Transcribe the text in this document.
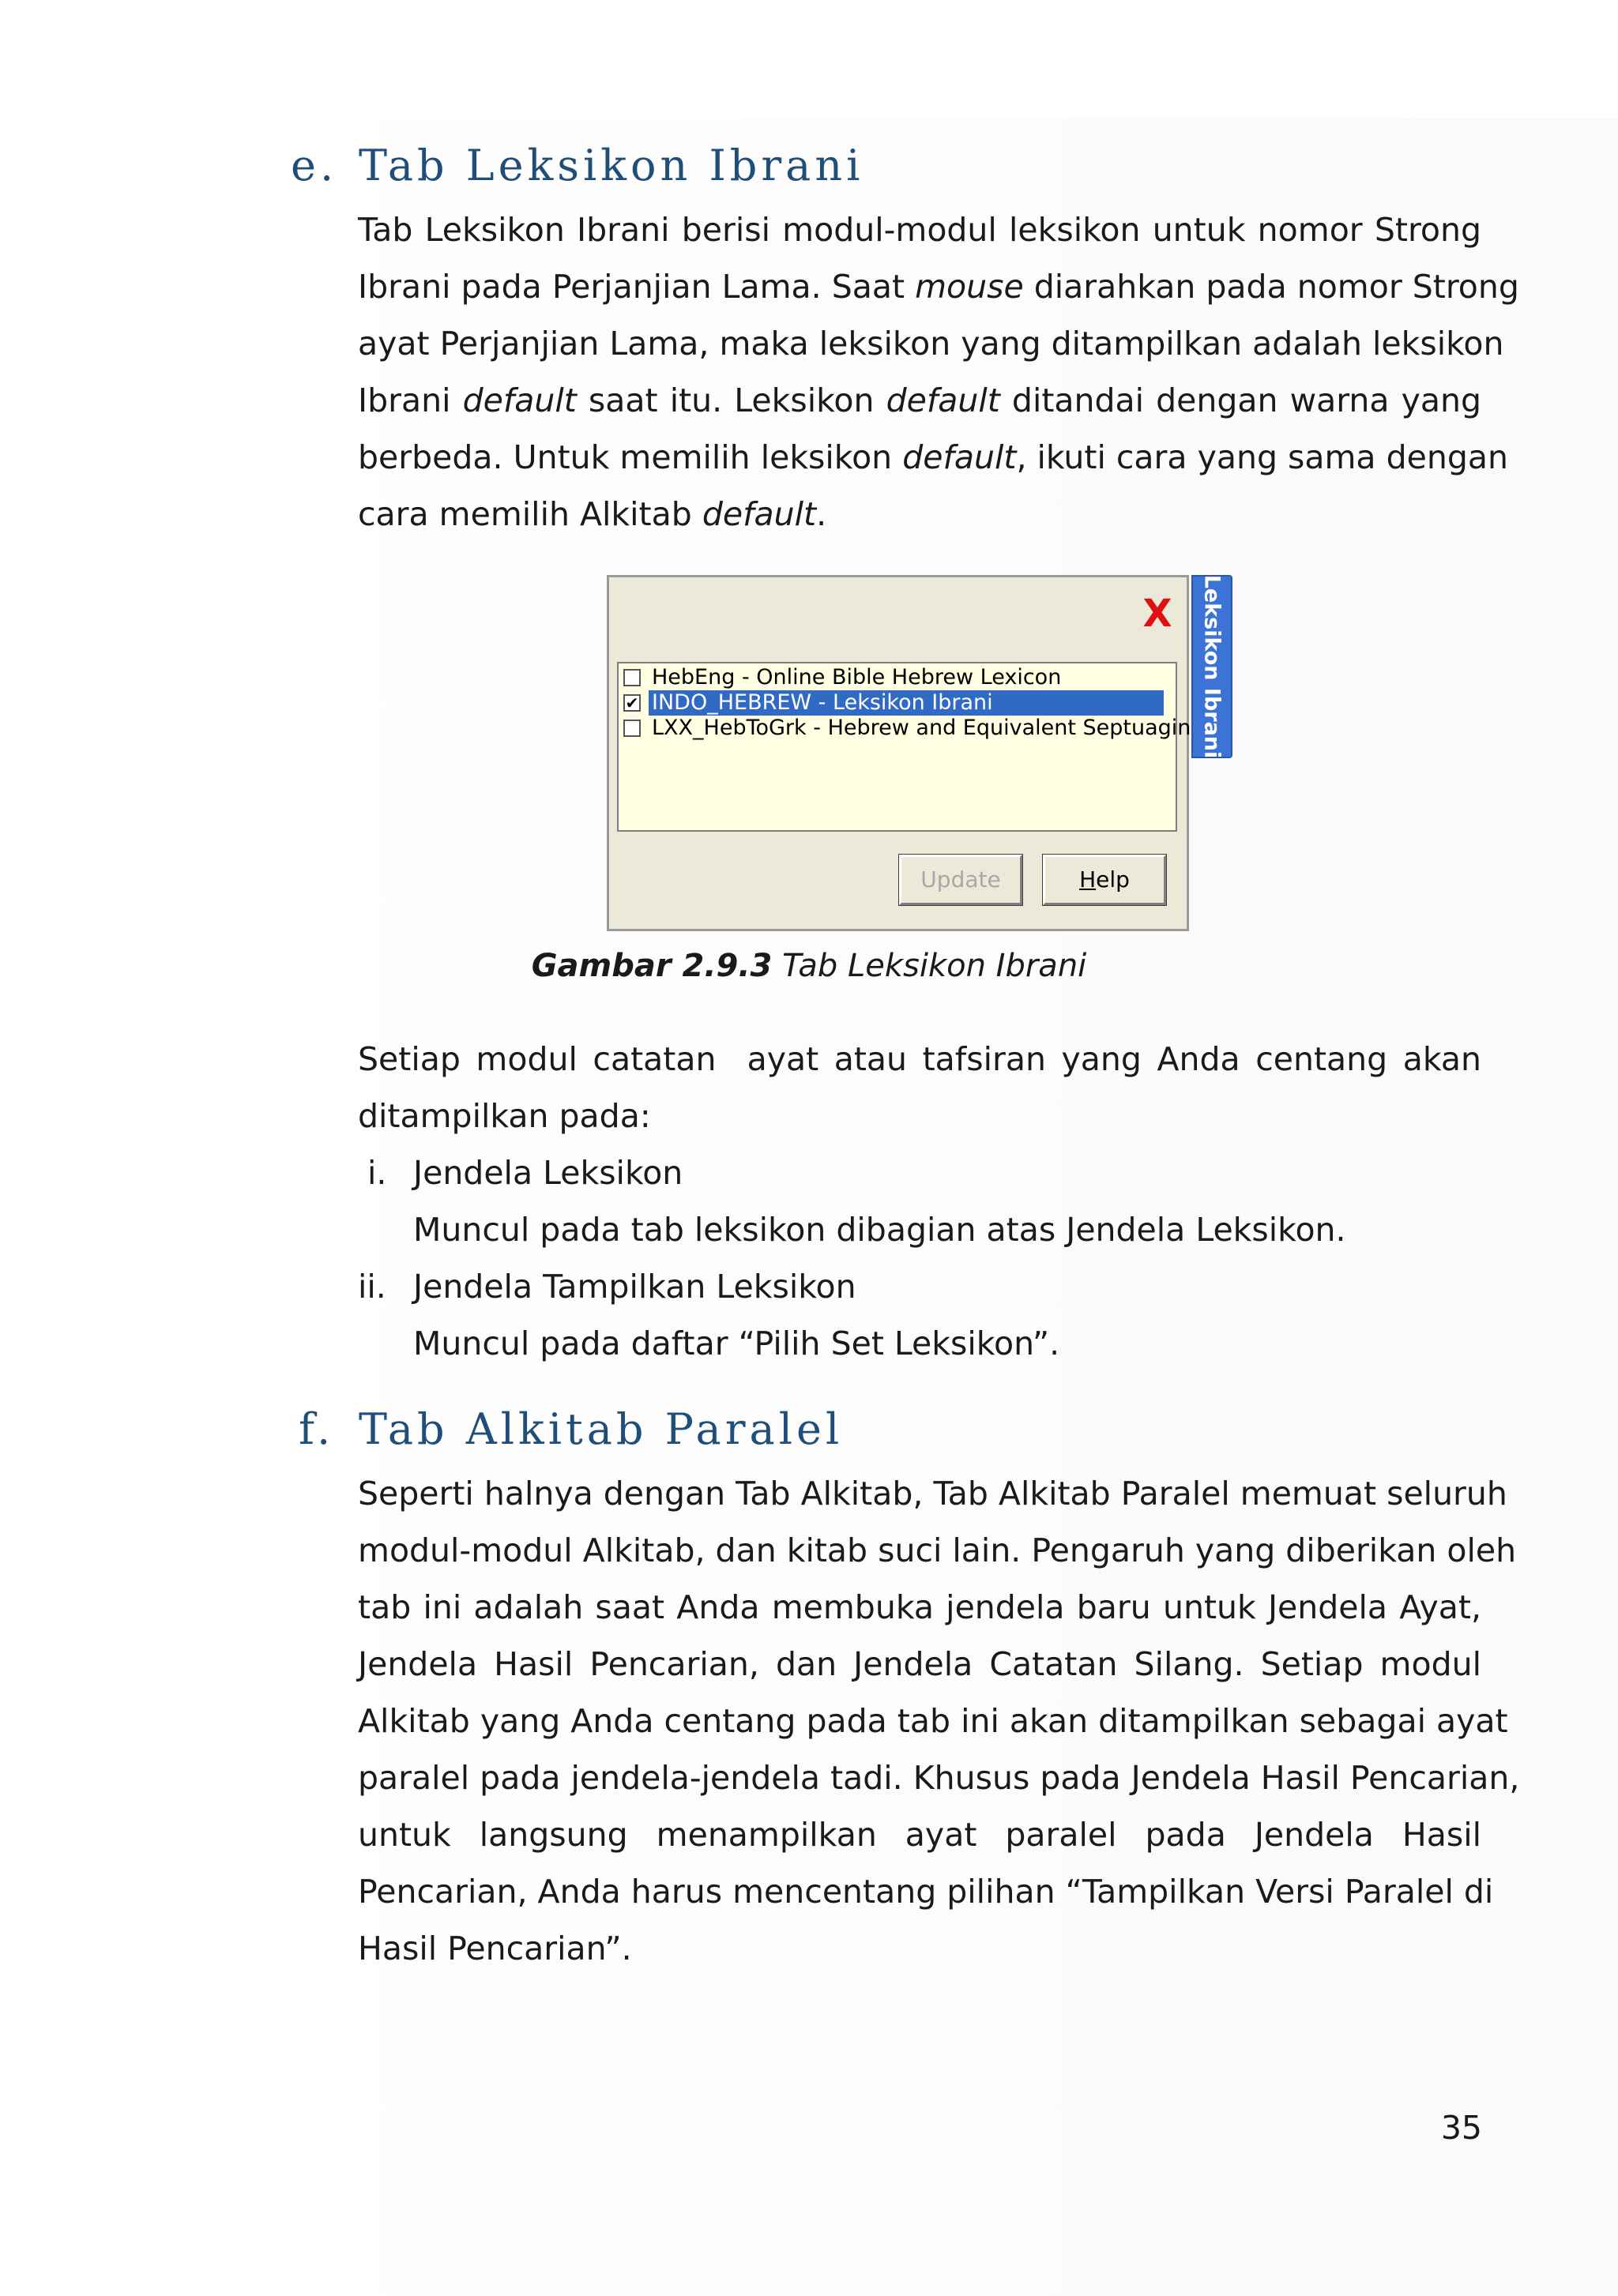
e. Tab Leksikon Ibrani
Tab Leksikon Ibrani berisi modul-modul leksikon untuk nomor Strong
Ibrani pada Perjanjian Lama. Saat mouse diarahkan pada nomor Strong
ayat Perjanjian Lama, maka leksikon yang ditampilkan adalah leksikon
Ibrani default saat itu. Leksikon default ditandai dengan warna yang
berbeda. Untuk memilih leksikon default, ikuti cara yang sama dengan
cara memilih Alkitab default.
X
HebEng - Online Bible Hebrew Lexicon
✔ INDO_HEBREW - Leksikon Ibrani
LXX_HebToGrk - Hebrew and Equivalent Septuagin
Update	Help
Leksikon Ibrani

Gambar 2.9.3 Tab Leksikon Ibrani

Setiap modul catatan  ayat atau tafsiran yang Anda centang akan
ditampilkan pada:
i. Jendela Leksikon
Muncul pada tab leksikon dibagian atas Jendela Leksikon.
ii. Jendela Tampilkan Leksikon
Muncul pada daftar “Pilih Set Leksikon”.
f. Tab Alkitab Paralel
Seperti halnya dengan Tab Alkitab, Tab Alkitab Paralel memuat seluruh
modul-modul Alkitab, dan kitab suci lain. Pengaruh yang diberikan oleh
tab ini adalah saat Anda membuka jendela baru untuk Jendela Ayat,
Jendela Hasil Pencarian, dan Jendela Catatan Silang. Setiap modul
Alkitab yang Anda centang pada tab ini akan ditampilkan sebagai ayat
paralel pada jendela-jendela tadi. Khusus pada Jendela Hasil Pencarian,
untuk langsung menampilkan ayat paralel pada Jendela Hasil
Pencarian, Anda harus mencentang pilihan “Tampilkan Versi Paralel di
Hasil Pencarian”.
35
